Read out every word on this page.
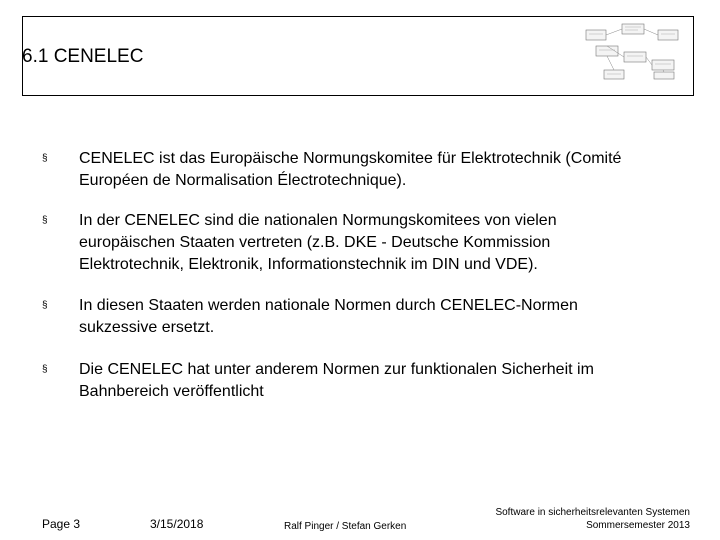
6.1 CENELEC
§ CENELEC ist das Europäische Normungskomitee für Elektrotechnik (Comité
Européen de Normalisation Électrotechnique).
§ In der CENELEC sind die nationalen Normungskomitees von vielen
europäischen Staaten vertreten (z.B. DKE - Deutsche Kommission
Elektrotechnik, Elektronik, Informationstechnik im DIN und VDE).
§ In diesen Staaten werden nationale Normen durch CENELEC-Normen
sukzessive ersetzt.
§ Die CENELEC hat unter anderem Normen zur funktionalen Sicherheit im
Bahnbereich veröffentlicht
Page 3	3/15/2018	Ralf Pinger / Stefan Gerken
Software in sicherheitsrelevanten Systemen
Sommersemester 2013
